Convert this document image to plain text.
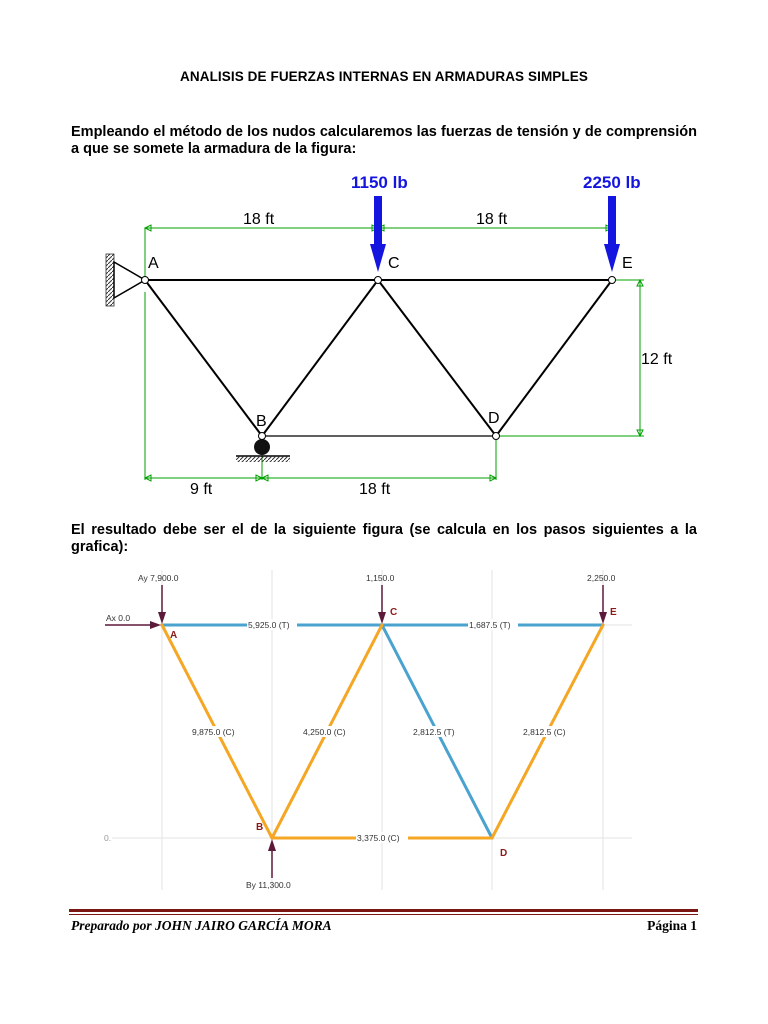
ANALISIS DE FUERZAS INTERNAS EN ARMADURAS SIMPLES

Empleando el método de los nudos calcularemos las fuerzas de tensión y de comprensión a que se somete la armadura de la figura:

A	C	E
B	D
18 ft	18 ft
12 ft
9 ft	18 ft
1150 lb	2250 lb

El resultado debe ser el de la siguiente figura (se calcula en los pasos siguientes a la grafica):

A
B
C
D
E
Ay 7,900.0
Ax 0.0
1,150.0	2,250.0
By 11,300.0
0.
5,925.0 (T)	1,687.5 (T)
9,875.0 (C)	4,250.0 (C)	2,812.5 (T)	2,812.5 (C)
3,375.0 (C)
Preparado por JOHN JAIRO GARCÍA MORA	Página 1
